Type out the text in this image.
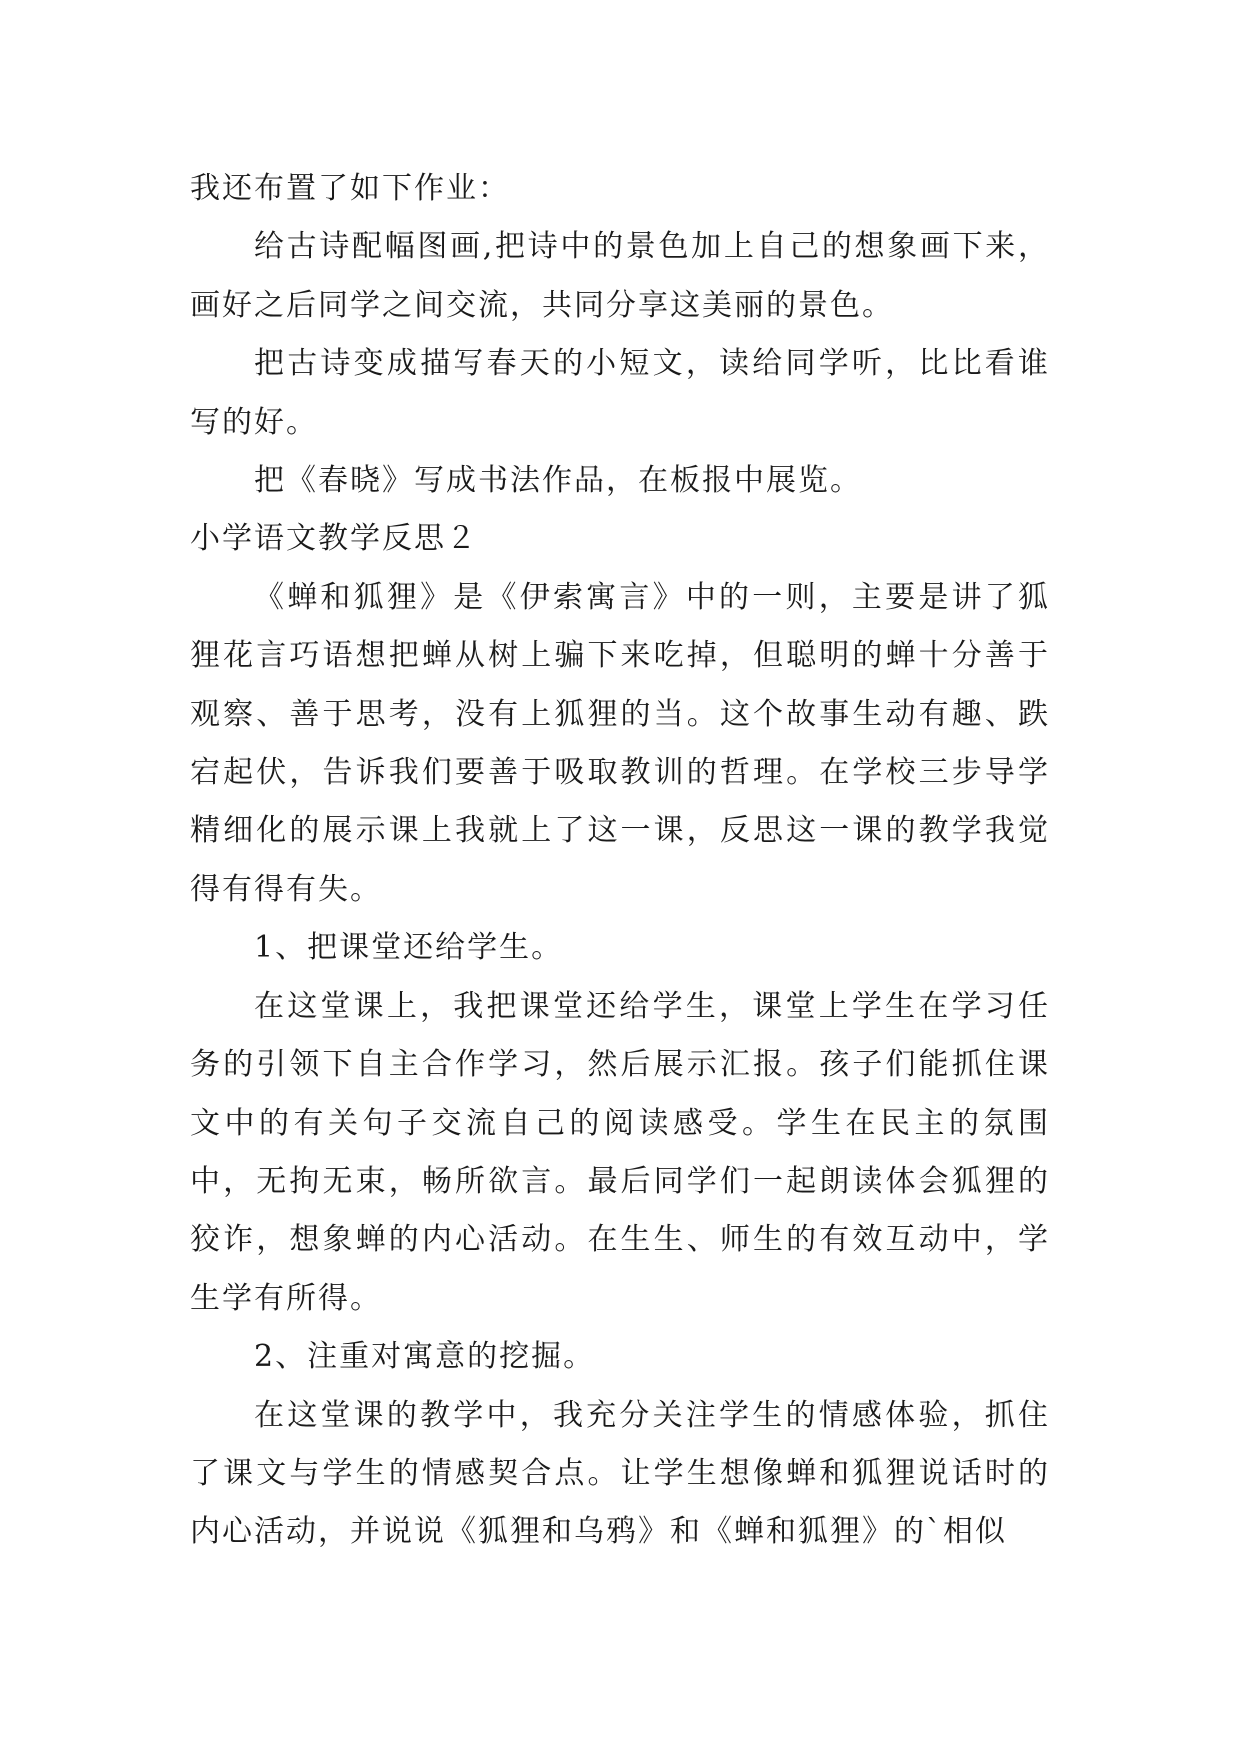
我还布置了如下作业：

给古诗配幅图画,把诗中的景色加上自己的想象画下来，画好之后同学之间交流，共同分享这美丽的景色。

把古诗变成描写春天的小短文，读给同学听，比比看谁写的好。

把《春晓》写成书法作品，在板报中展览。

小学语文教学反思２

《蝉和狐狸》是《伊索寓言》中的一则，主要是讲了狐狸花言巧语想把蝉从树上骗下来吃掉，但聪明的蝉十分善于观察、善于思考，没有上狐狸的当。这个故事生动有趣、跌宕起伏，告诉我们要善于吸取教训的哲理。在学校三步导学精细化的展示课上我就上了这一课，反思这一课的教学我觉得有得有失。

1、把课堂还给学生。

在这堂课上，我把课堂还给学生，课堂上学生在学习任务的引领下自主合作学习，然后展示汇报。孩子们能抓住课文中的有关句子交流自己的阅读感受。学生在民主的氛围中，无拘无束，畅所欲言。最后同学们一起朗读体会狐狸的狡诈，想象蝉的内心活动。在生生、师生的有效互动中，学生学有所得。

2、注重对寓意的挖掘。

在这堂课的教学中，我充分关注学生的情感体验，抓住了课文与学生的情感契合点。让学生想像蝉和狐狸说话时的内心活动，并说说《狐狸和乌鸦》和《蝉和狐狸》的`相似
